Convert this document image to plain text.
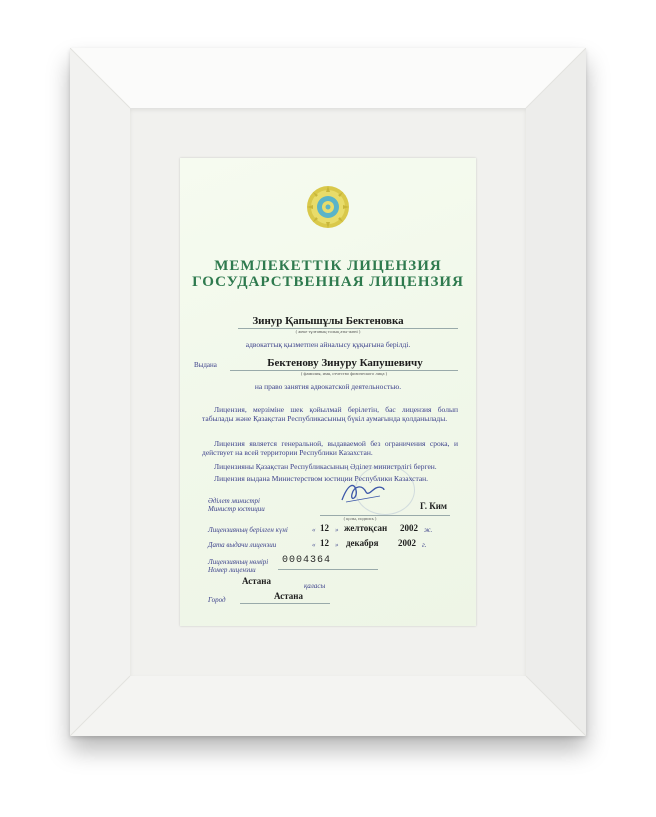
МЕМЛЕКЕТТІК ЛИЦЕНЗИЯ
ГОСУДАРСТВЕННАЯ ЛИЦЕНЗИЯ
Зинур Қапышұлы Бектеновка
( жеке тұлғаның толық аты-жөні )
адвокаттық қызметпен айналысу құқығына берілді.
Выдана	Бектенову Зинуру Капушевичу
( фамилия, имя, отчество физического лица )
на право занятия адвокатской деятельностью.
Лицензия, мерзіміне шек қойылмай берілетін, бас лицензия болып табылады және Қазақстан Республикасының бүкіл аумағында қолданылады.
Лицензия является генеральной, выдаваемой без ограничения срока, и действует на всей территории Республики Казахстан.
Лицензияны Қазақстан Республикасының Әділет министрлігі берген.
Лицензия выдана Министерством юстиции Республики Казахстан.
Әділет министрі
Министр юстиции	Г. Ким
( қолы, подпись )
Лицензияның берілген күні	« 12 » желтоқсан 2002 ж.
Дата выдачи лицензии	« 12 » декабря 2002 г.
Лицензияның нөмірі
Номер лицензии
0004364
Астана	қаласы
Город	Астана
